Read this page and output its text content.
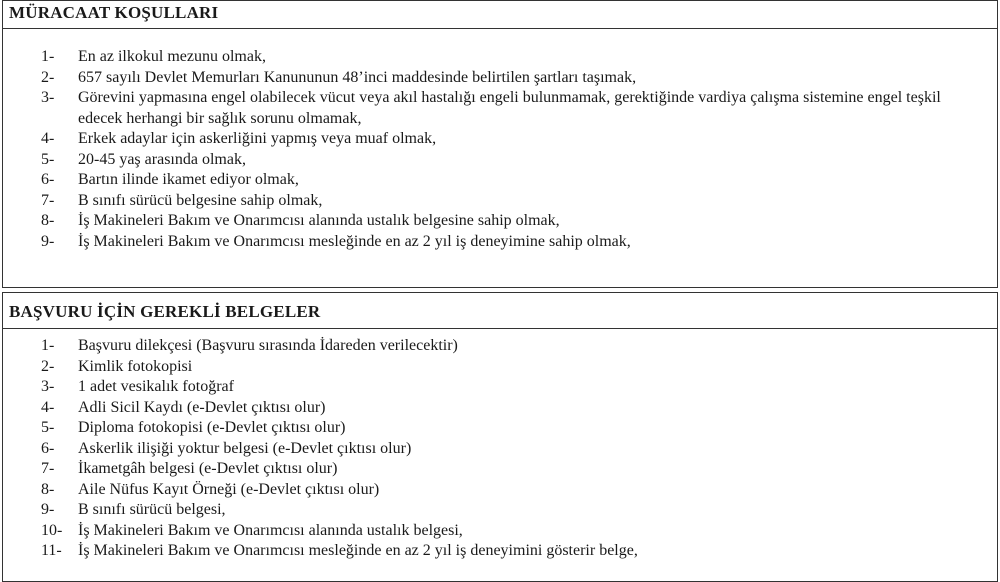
MÜRACAAT KOŞULLARI
1-	En az ilkokul mezunu olmak,
2-	657 sayılı Devlet Memurları Kanununun 48’inci maddesinde belirtilen şartları taşımak,
3-	Görevini yapmasına engel olabilecek vücut veya akıl hastalığı engeli bulunmamak, gerektiğinde vardiya çalışma sistemine engel teşkil edecek herhangi bir sağlık sorunu olmamak,
4-	Erkek adaylar için askerliğini yapmış veya muaf olmak,
5-	20-45 yaş arasında olmak,
6-	Bartın ilinde ikamet ediyor olmak,
7-	B sınıfı sürücü belgesine sahip olmak,
8-	İş Makineleri Bakım ve Onarımcısı alanında ustalık belgesine sahip olmak,
9-	İş Makineleri Bakım ve Onarımcısı mesleğinde en az 2 yıl iş deneyimine sahip olmak,
BAŞVURU İÇİN GEREKLİ BELGELER
1-	Başvuru dilekçesi (Başvuru sırasında İdareden verilecektir)
2-	Kimlik fotokopisi
3-	1 adet vesikalık fotoğraf
4-	Adli Sicil Kaydı (e-Devlet çıktısı olur)
5-	Diploma fotokopisi (e-Devlet çıktısı olur)
6-	Askerlik ilişiği yoktur belgesi (e-Devlet çıktısı olur)
7-	İkametgâh belgesi (e-Devlet çıktısı olur)
8-	Aile Nüfus Kayıt Örneği (e-Devlet çıktısı olur)
9-	B sınıfı sürücü belgesi,
10- İş Makineleri Bakım ve Onarımcısı alanında ustalık belgesi,
11-	İş Makineleri Bakım ve Onarımcısı mesleğinde en az 2 yıl iş deneyimini gösterir belge,
